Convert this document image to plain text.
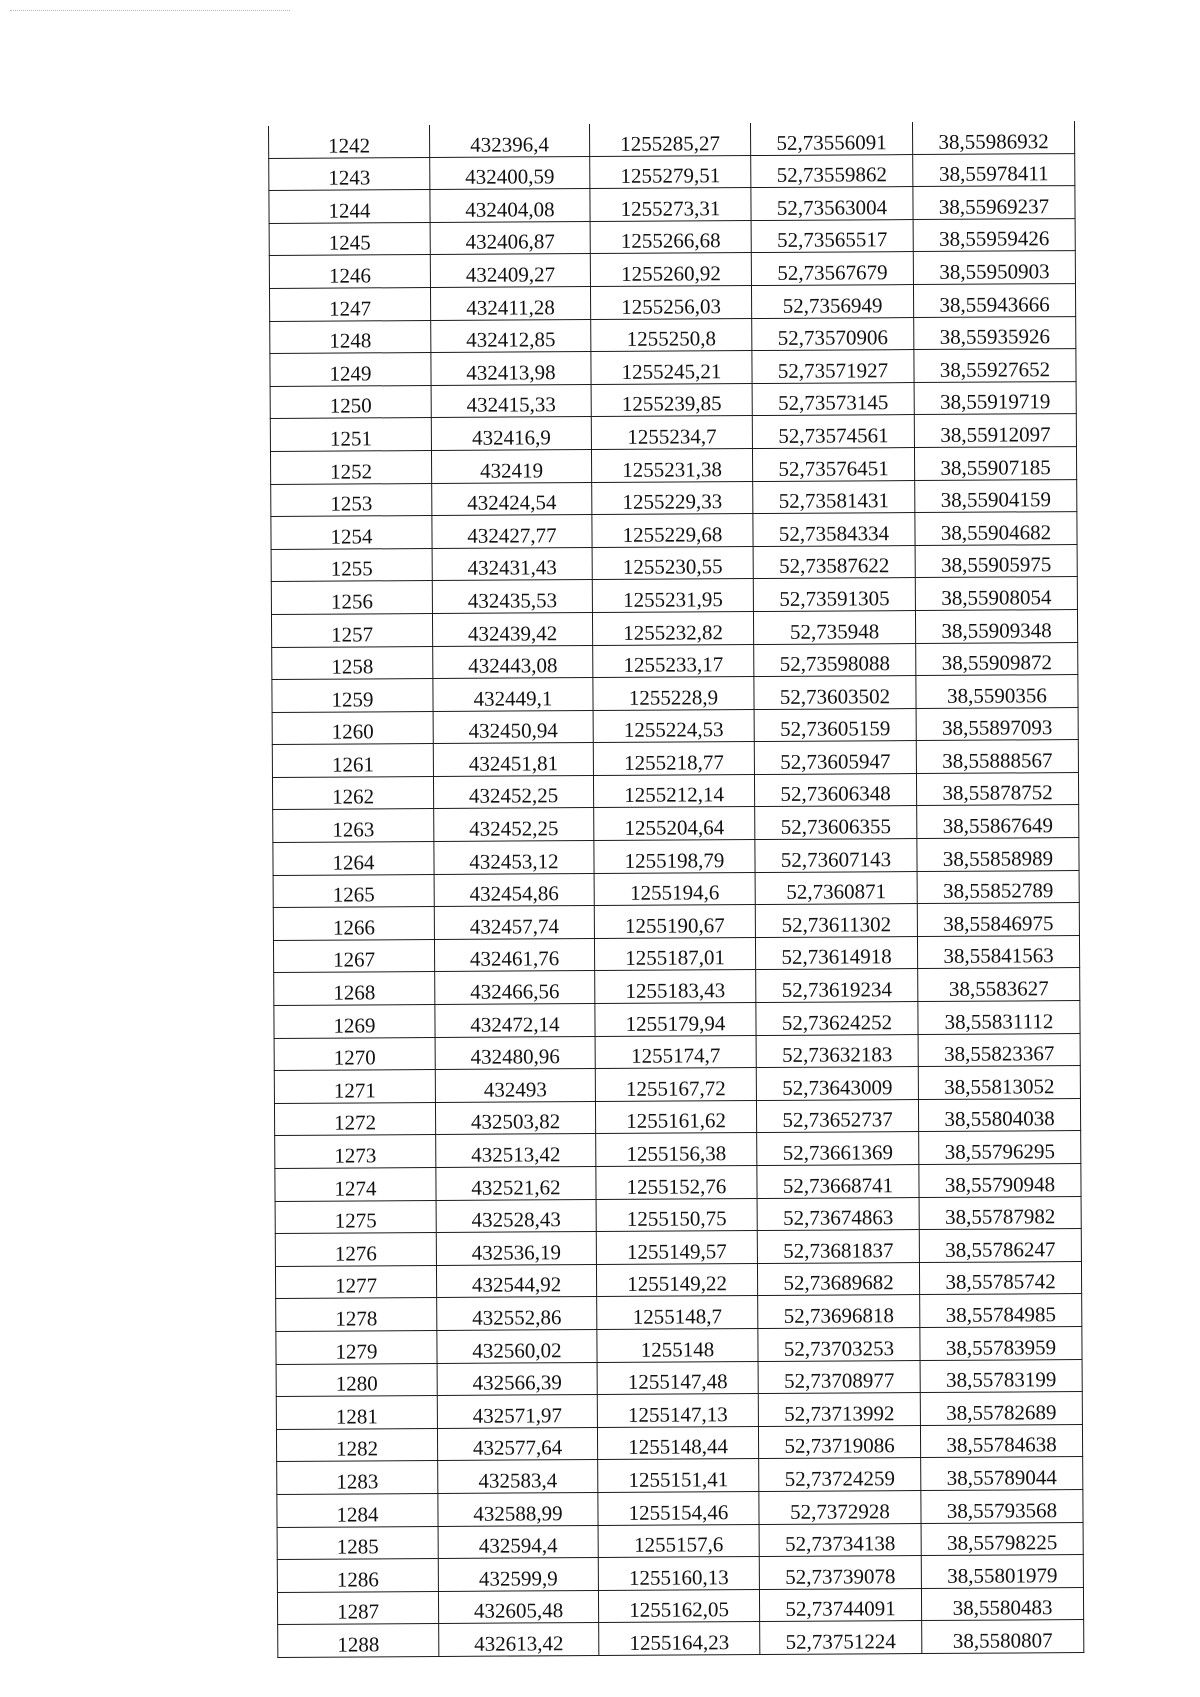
1242	432396,4	1255285,27	52,73556091	38,55986932
1243	432400,59	1255279,51	52,73559862	38,55978411
1244	432404,08	1255273,31	52,73563004	38,55969237
1245	432406,87	1255266,68	52,73565517	38,55959426
1246	432409,27	1255260,92	52,73567679	38,55950903
1247	432411,28	1255256,03	52,7356949	38,55943666
1248	432412,85	1255250,8	52,73570906	38,55935926
1249	432413,98	1255245,21	52,73571927	38,55927652
1250	432415,33	1255239,85	52,73573145	38,55919719
1251	432416,9	1255234,7	52,73574561	38,55912097
1252	432419	1255231,38	52,73576451	38,55907185
1253	432424,54	1255229,33	52,73581431	38,55904159
1254	432427,77	1255229,68	52,73584334	38,55904682
1255	432431,43	1255230,55	52,73587622	38,55905975
1256	432435,53	1255231,95	52,73591305	38,55908054
1257	432439,42	1255232,82	52,735948	38,55909348
1258	432443,08	1255233,17	52,73598088	38,55909872
1259	432449,1	1255228,9	52,73603502	38,5590356
1260	432450,94	1255224,53	52,73605159	38,55897093
1261	432451,81	1255218,77	52,73605947	38,55888567
1262	432452,25	1255212,14	52,73606348	38,55878752
1263	432452,25	1255204,64	52,73606355	38,55867649
1264	432453,12	1255198,79	52,73607143	38,55858989
1265	432454,86	1255194,6	52,7360871	38,55852789
1266	432457,74	1255190,67	52,73611302	38,55846975
1267	432461,76	1255187,01	52,73614918	38,55841563
1268	432466,56	1255183,43	52,73619234	38,5583627
1269	432472,14	1255179,94	52,73624252	38,55831112
1270	432480,96	1255174,7	52,73632183	38,55823367
1271	432493	1255167,72	52,73643009	38,55813052
1272	432503,82	1255161,62	52,73652737	38,55804038
1273	432513,42	1255156,38	52,73661369	38,55796295
1274	432521,62	1255152,76	52,73668741	38,55790948
1275	432528,43	1255150,75	52,73674863	38,55787982
1276	432536,19	1255149,57	52,73681837	38,55786247
1277	432544,92	1255149,22	52,73689682	38,55785742
1278	432552,86	1255148,7	52,73696818	38,55784985
1279	432560,02	1255148	52,73703253	38,55783959
1280	432566,39	1255147,48	52,73708977	38,55783199
1281	432571,97	1255147,13	52,73713992	38,55782689
1282	432577,64	1255148,44	52,73719086	38,55784638
1283	432583,4	1255151,41	52,73724259	38,55789044
1284	432588,99	1255154,46	52,7372928	38,55793568
1285	432594,4	1255157,6	52,73734138	38,55798225
1286	432599,9	1255160,13	52,73739078	38,55801979
1287	432605,48	1255162,05	52,73744091	38,5580483
1288	432613,42	1255164,23	52,73751224	38,5580807
